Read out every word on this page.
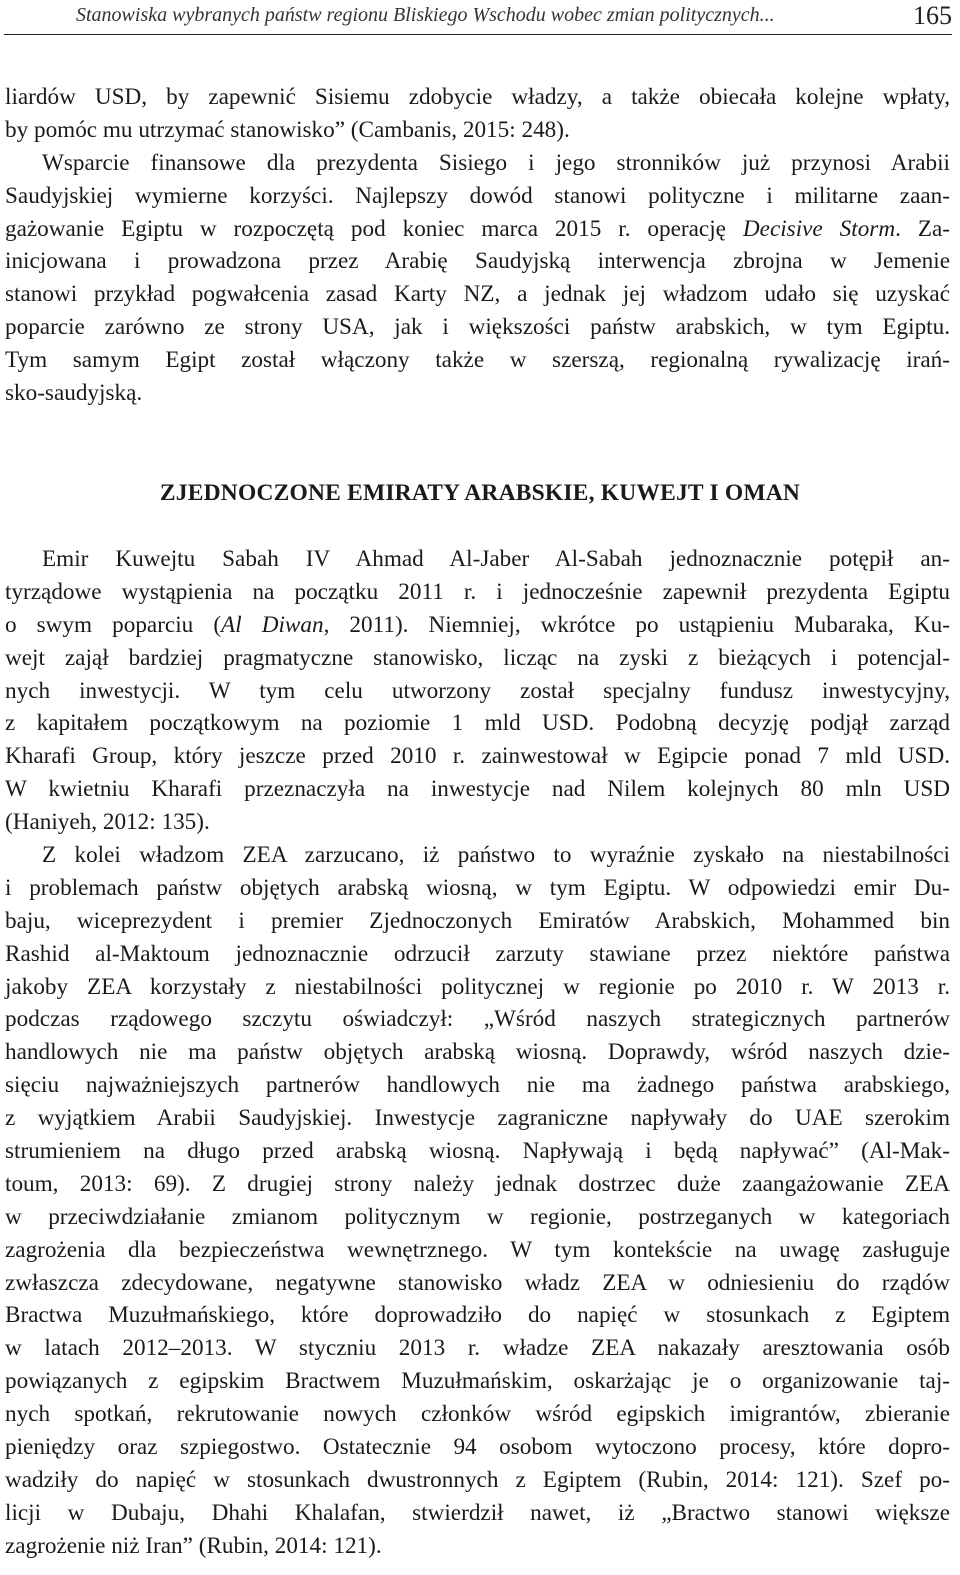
Stanowiska wybranych państw regionu Bliskiego Wschodu wobec zmian politycznych...	165
liardów USD, by zapewnić Sisiemu zdobycie władzy, a także obiecała kolejne wpłaty,
by pomóc mu utrzymać stanowisko” (Cambanis, 2015: 248).
Wsparcie finansowe dla prezydenta Sisiego i jego stronników już przynosi Arabii
Saudyjskiej wymierne korzyści. Najlepszy dowód stanowi polityczne i militarne zaan-
gażowanie Egiptu w rozpoczętą pod koniec marca 2015 r. operację Decisive Storm. Za-
inicjowana i prowadzona przez Arabię Saudyjską interwencja zbrojna w Jemenie
stanowi przykład pogwałcenia zasad Karty NZ, a jednak jej władzom udało się uzyskać
poparcie zarówno ze strony USA, jak i większości państw arabskich, w tym Egiptu.
Tym samym Egipt został włączony także w szerszą, regionalną rywalizację irań-
sko-saudyjską.
ZJEDNOCZONE EMIRATY ARABSKIE, KUWEJT I OMAN
Emir Kuwejtu Sabah IV Ahmad Al-Jaber Al-Sabah jednoznacznie potępił an-
tyrządowe wystąpienia na początku 2011 r. i jednocześnie zapewnił prezydenta Egiptu
o swym poparciu (Al Diwan, 2011). Niemniej, wkrótce po ustąpieniu Mubaraka, Ku-
wejt zajął bardziej pragmatyczne stanowisko, licząc na zyski z bieżących i potencjal-
nych inwestycji. W tym celu utworzony został specjalny fundusz inwestycyjny,
z kapitałem początkowym na poziomie 1 mld USD. Podobną decyzję podjął zarząd
Kharafi Group, który jeszcze przed 2010 r. zainwestował w Egipcie ponad 7 mld USD.
W kwietniu Kharafi przeznaczyła na inwestycje nad Nilem kolejnych 80 mln USD
(Haniyeh, 2012: 135).
Z kolei władzom ZEA zarzucano, iż państwo to wyraźnie zyskało na niestabilności
i problemach państw objętych arabską wiosną, w tym Egiptu. W odpowiedzi emir Du-
baju, wiceprezydent i premier Zjednoczonych Emiratów Arabskich, Mohammed bin
Rashid al-Maktoum jednoznacznie odrzucił zarzuty stawiane przez niektóre państwa
jakoby ZEA korzystały z niestabilności politycznej w regionie po 2010 r. W 2013 r.
podczas rządowego szczytu oświadczył: „Wśród naszych strategicznych partnerów
handlowych nie ma państw objętych arabską wiosną. Doprawdy, wśród naszych dzie-
sięciu najważniejszych partnerów handlowych nie ma żadnego państwa arabskiego,
z wyjątkiem Arabii Saudyjskiej. Inwestycje zagraniczne napływały do UAE szerokim
strumieniem na długo przed arabską wiosną. Napływają i będą napływać” (Al-Mak-
toum, 2013: 69). Z drugiej strony należy jednak dostrzec duże zaangażowanie ZEA
w przeciwdziałanie zmianom politycznym w regionie, postrzeganych w kategoriach
zagrożenia dla bezpieczeństwa wewnętrznego. W tym kontekście na uwagę zasługuje
zwłaszcza zdecydowane, negatywne stanowisko władz ZEA w odniesieniu do rządów
Bractwa Muzułmańskiego, które doprowadziło do napięć w stosunkach z Egiptem
w latach 2012–2013. W styczniu 2013 r. władze ZEA nakazały aresztowania osób
powiązanych z egipskim Bractwem Muzułmańskim, oskarżając je o organizowanie taj-
nych spotkań, rekrutowanie nowych członków wśród egipskich imigrantów, zbieranie
pieniędzy oraz szpiegostwo. Ostatecznie 94 osobom wytoczono procesy, które dopro-
wadziły do napięć w stosunkach dwustronnych z Egiptem (Rubin, 2014: 121). Szef po-
licji w Dubaju, Dhahi Khalafan, stwierdził nawet, iż „Bractwo stanowi większe
zagrożenie niż Iran” (Rubin, 2014: 121).
